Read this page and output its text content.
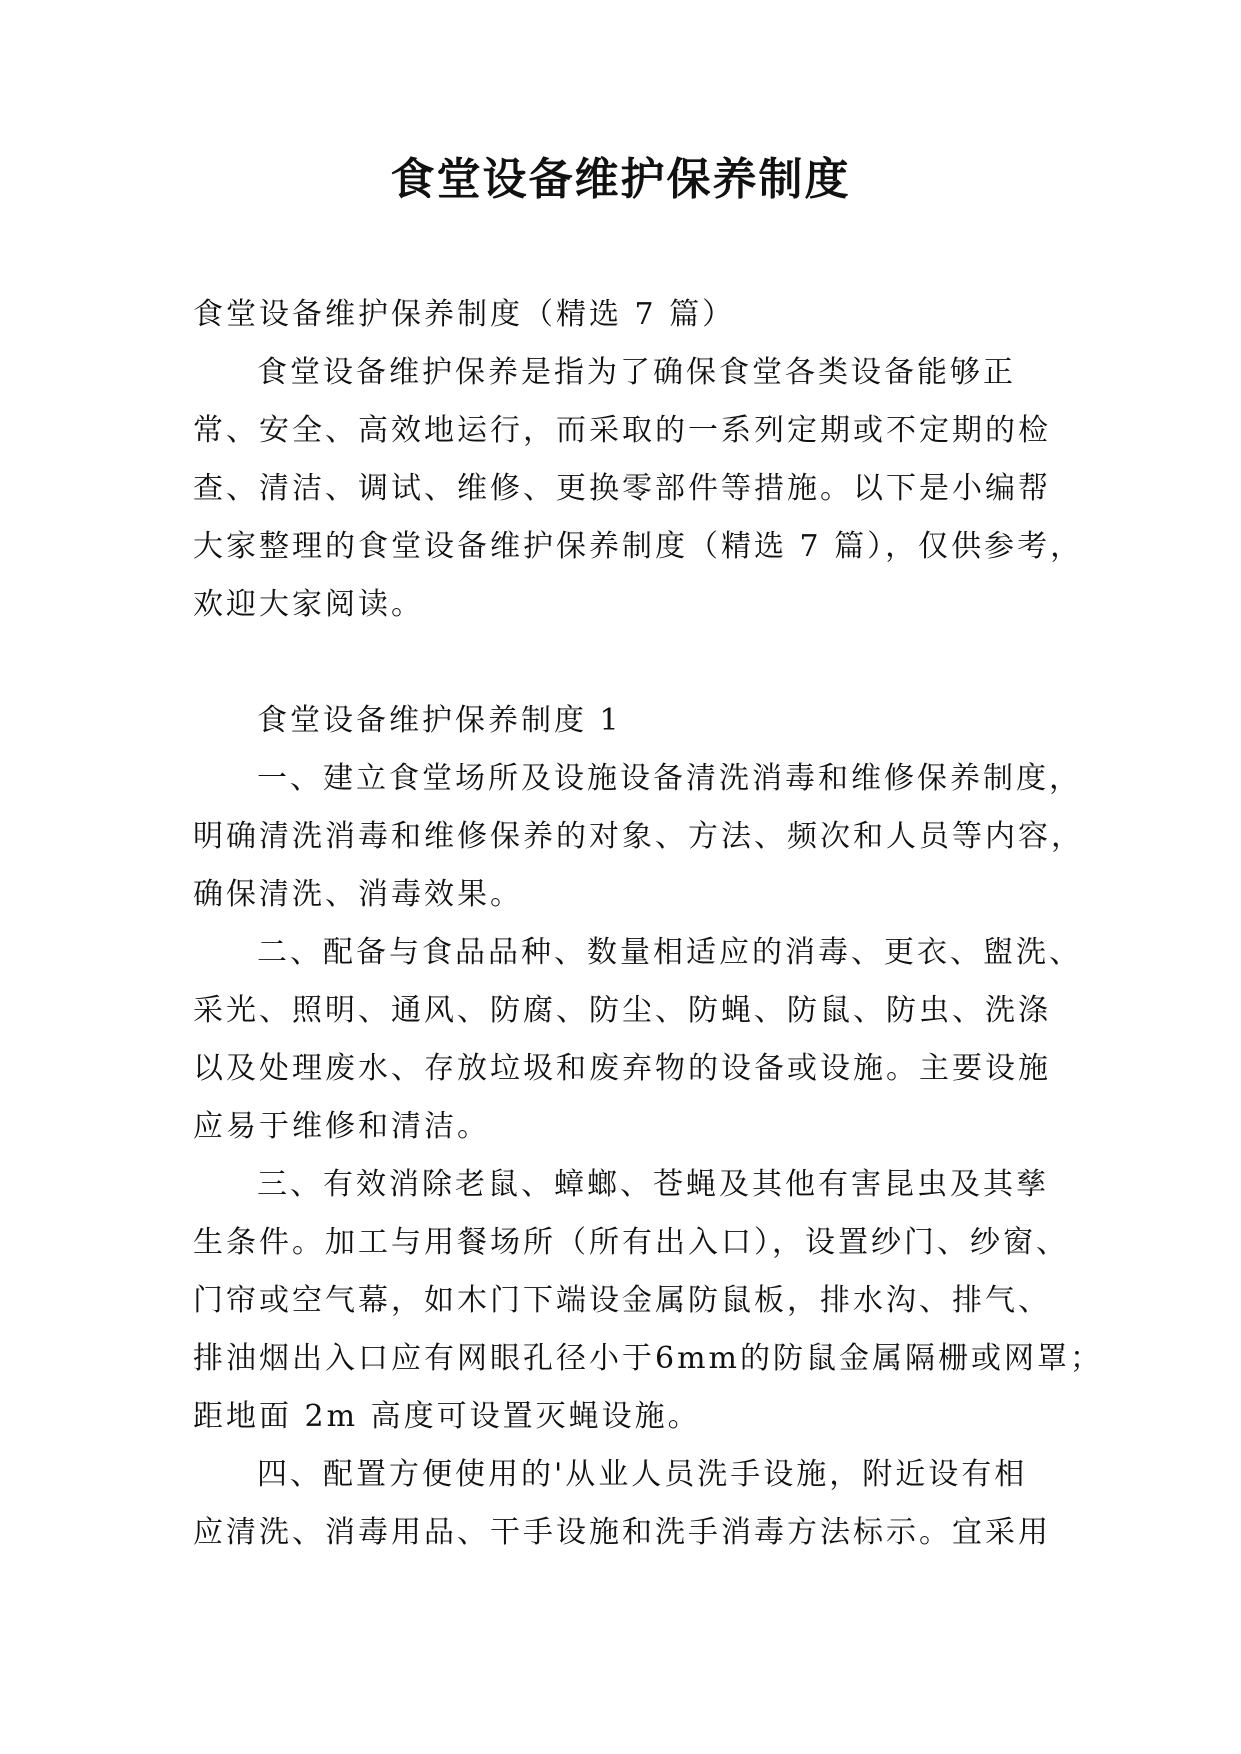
食堂设备维护保养制度
食堂设备维护保养制度（精选 7 篇）
食堂设备维护保养是指为了确保食堂各类设备能够正
常、安全、高效地运行，而采取的一系列定期或不定期的检
查、清洁、调试、维修、更换零部件等措施。以下是小编帮
大家整理的食堂设备维护保养制度（精选 7 篇），仅供参考，
欢迎大家阅读。
食堂设备维护保养制度 1
一、建立食堂场所及设施设备清洗消毒和维修保养制度，
明确清洗消毒和维修保养的对象、方法、频次和人员等内容，
确保清洗、消毒效果。
二、配备与食品品种、数量相适应的消毒、更衣、盥洗、
采光、照明、通风、防腐、防尘、防蝇、防鼠、防虫、洗涤
以及处理废水、存放垃圾和废弃物的设备或设施。主要设施
应易于维修和清洁。
三、有效消除老鼠、蟑螂、苍蝇及其他有害昆虫及其孳
生条件。加工与用餐场所（所有出入口），设置纱门、纱窗、
门帘或空气幕，如木门下端设金属防鼠板，排水沟、排气、
排油烟出入口应有网眼孔径小于6mm的防鼠金属隔栅或网罩；
距地面 2m 高度可设置灭蝇设施。
四、配置方便使用的'从业人员洗手设施，附近设有相
应清洗、消毒用品、干手设施和洗手消毒方法标示。宜采用
